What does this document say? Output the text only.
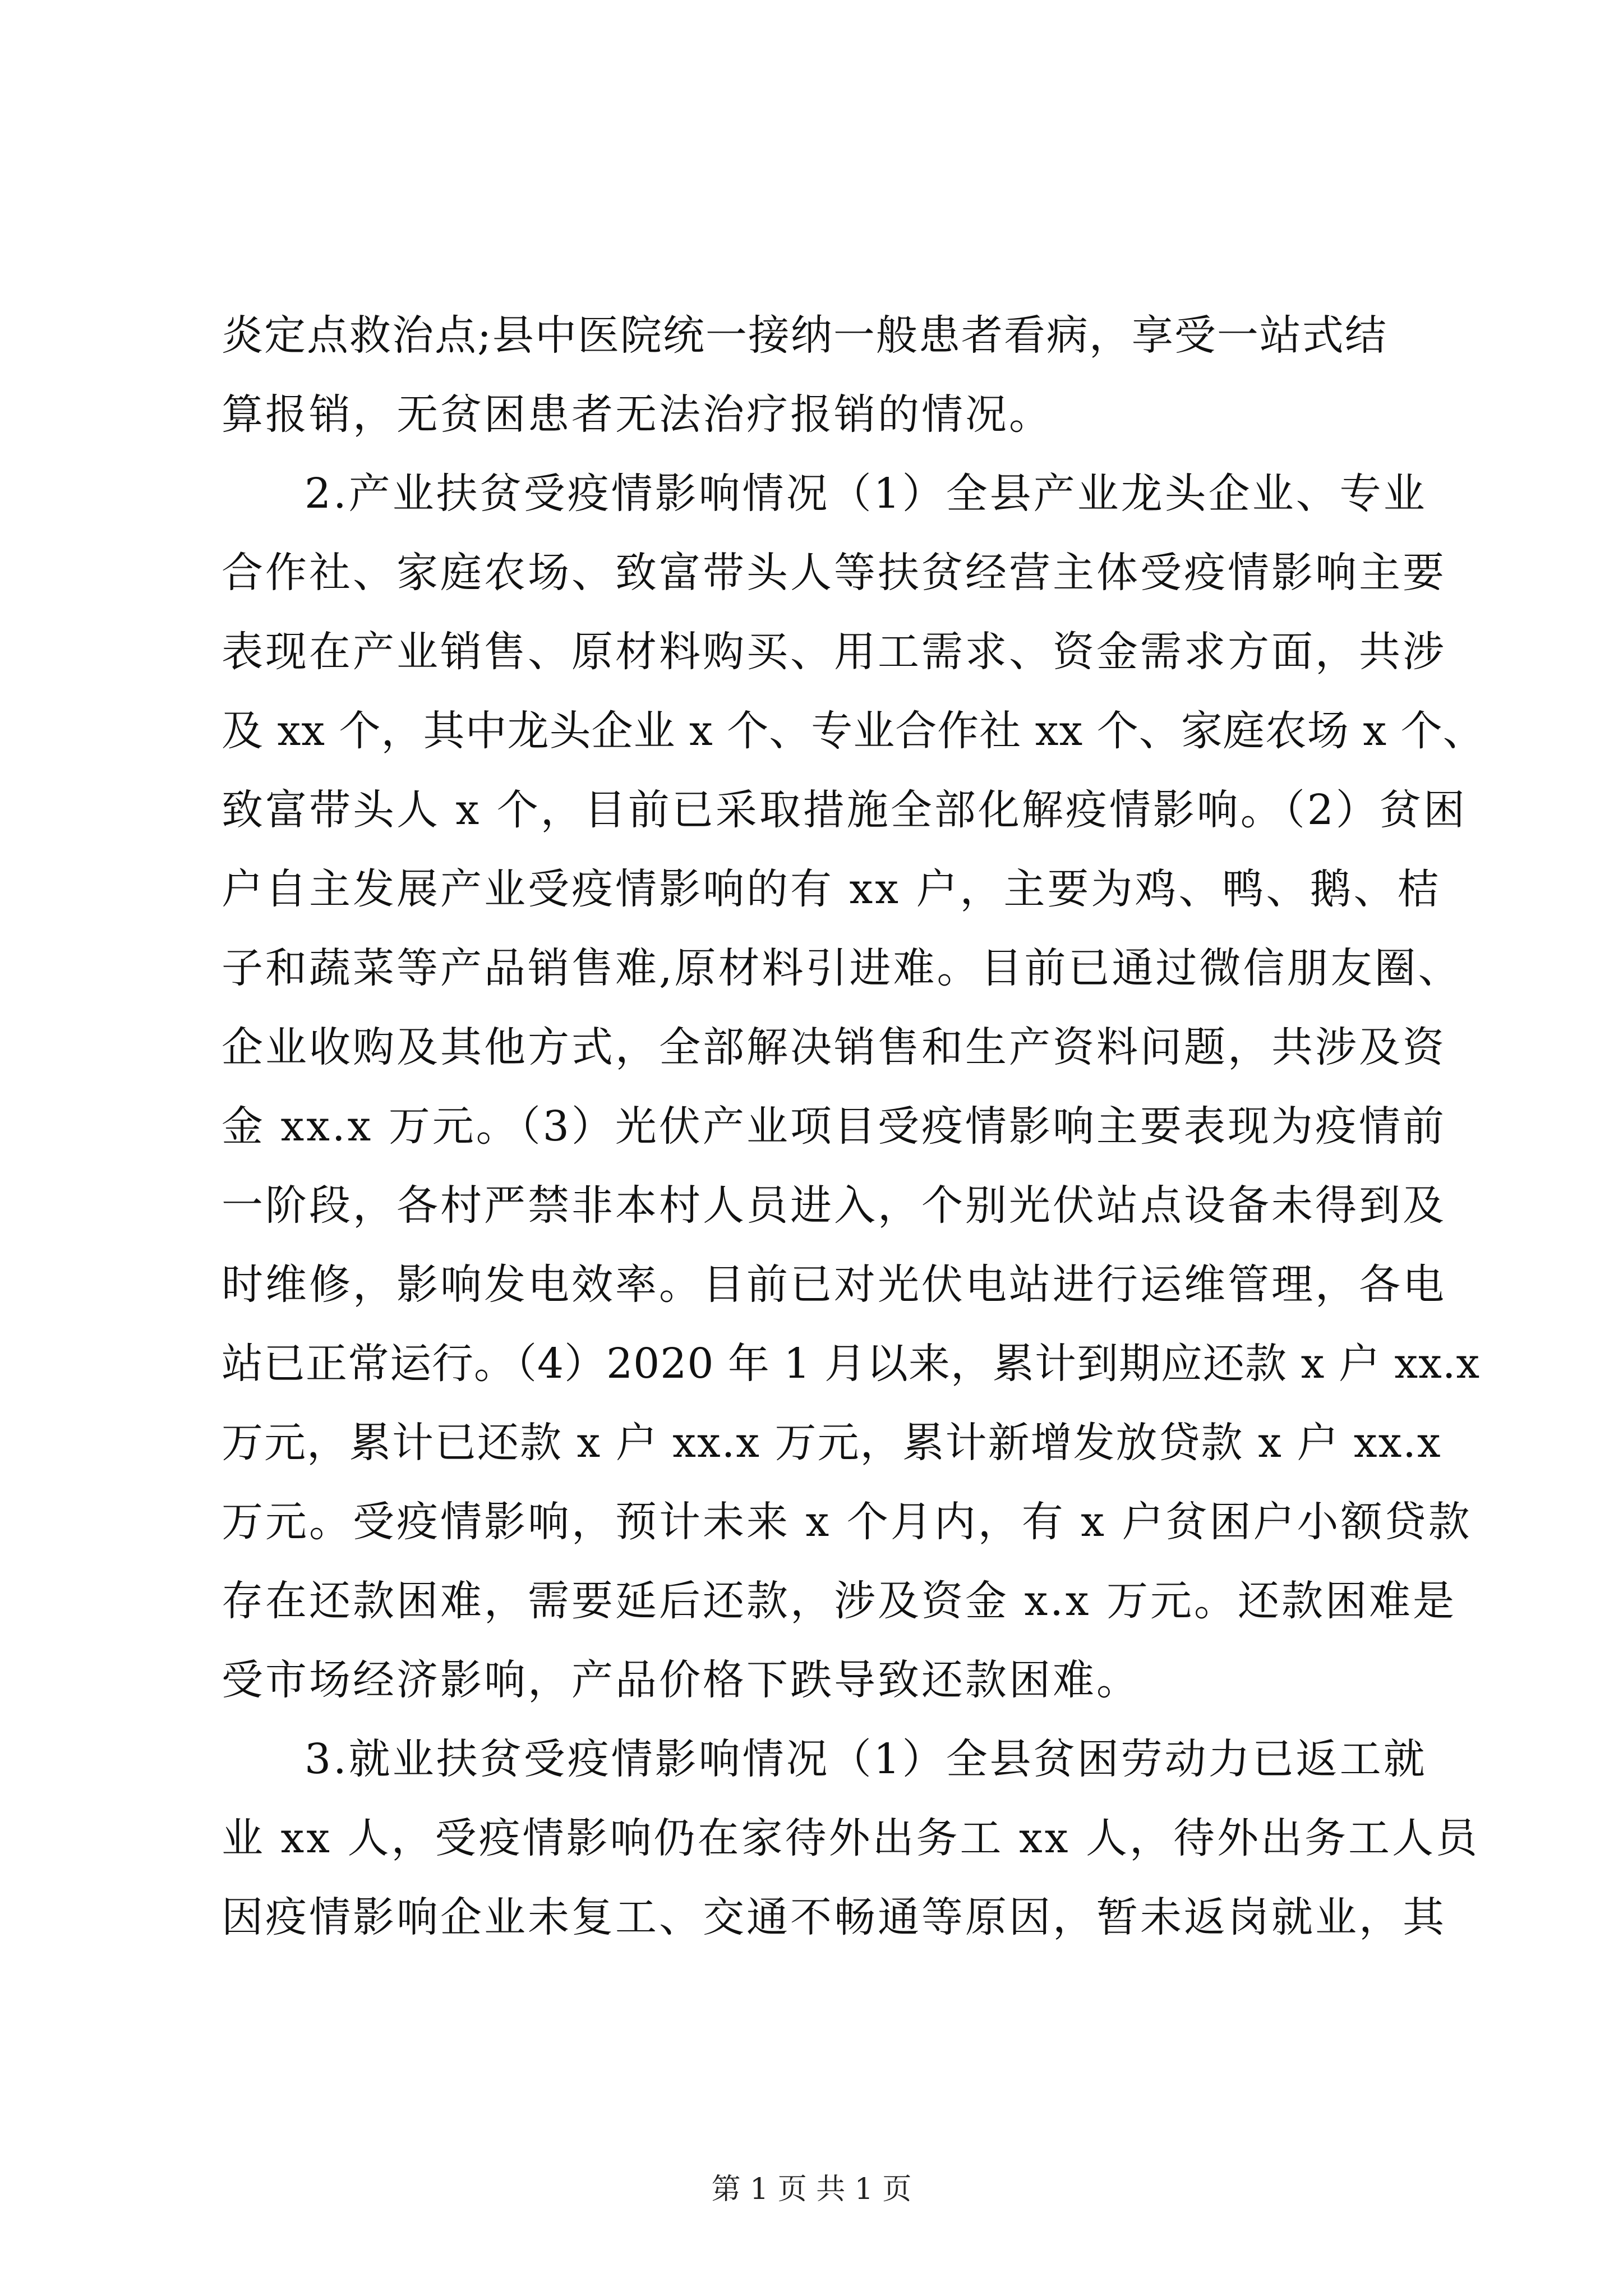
炎定点救治点;县中医院统一接纳一般患者看病，享受一站式结
算报销，无贫困患者无法治疗报销的情况。
2.产业扶贫受疫情影响情况（1）全县产业龙头企业、专业
合作社、家庭农场、致富带头人等扶贫经营主体受疫情影响主要
表现在产业销售、原材料购买、用工需求、资金需求方面，共涉
及 xx 个，其中龙头企业 x 个、专业合作社 xx 个、家庭农场 x 个、
致富带头人 x 个，目前已采取措施全部化解疫情影响。（2）贫困
户自主发展产业受疫情影响的有 xx 户，主要为鸡、鸭、鹅、桔
子和蔬菜等产品销售难,原材料引进难。目前已通过微信朋友圈、
企业收购及其他方式，全部解决销售和生产资料问题，共涉及资
金 xx.x 万元。（3）光伏产业项目受疫情影响主要表现为疫情前
一阶段，各村严禁非本村人员进入，个别光伏站点设备未得到及
时维修，影响发电效率。目前已对光伏电站进行运维管理，各电
站已正常运行。（4）2020 年 1 月以来，累计到期应还款 x 户 xx.x
万元，累计已还款 x 户 xx.x 万元，累计新增发放贷款 x 户 xx.x
万元。受疫情影响，预计未来 x 个月内，有 x 户贫困户小额贷款
存在还款困难，需要延后还款，涉及资金 x.x 万元。还款困难是
受市场经济影响，产品价格下跌导致还款困难。
3.就业扶贫受疫情影响情况（1）全县贫困劳动力已返工就
业 xx 人，受疫情影响仍在家待外出务工 xx 人，待外出务工人员
因疫情影响企业未复工、交通不畅通等原因，暂未返岗就业，其
第 1 页 共 1 页
